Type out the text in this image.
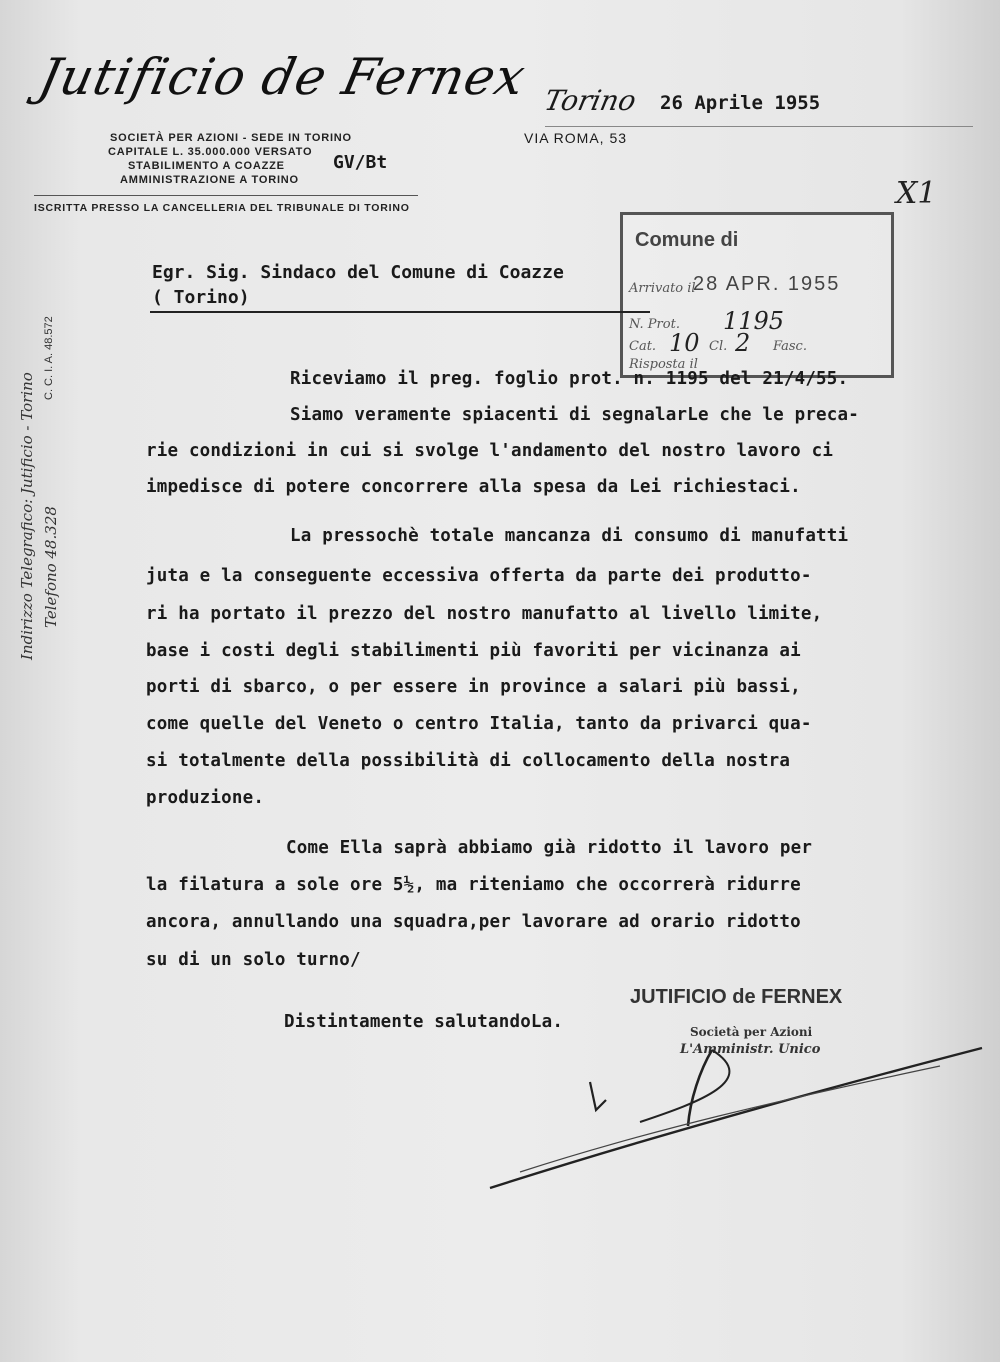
Jutificio de Fernex
SOCIETÀ PER AZIONI - SEDE IN TORINO
CAPITALE L. 35.000.000 VERSATO
STABILIMENTO A COAZZE
AMMINISTRAZIONE A TORINO
GV/Bt
ISCRITTA PRESSO LA CANCELLERIA DEL TRIBUNALE DI TORINO
Torino 26 Aprile 1955
VIA ROMA, 53
Indirizzo Telegrafico: Jutificio - Torino Telefono 48.328
C. C. I. A. 48.572
X1
Comune di
Arrivato il
28 APR. 1955
N. Prot. 1195
Cat. 10 Cl. 2 Fasc.
Risposta il
Egr. Sig. Sindaco del Comune di Coazze
( Torino)
Riceviamo il preg. foglio prot. n. 1195 del 21/4/55.
Siamo veramente spiacenti di segnalarLe che le preca-
rie condizioni in cui si svolge l'andamento del nostro lavoro ci
impedisce di potere concorrere alla spesa da Lei richiestaci.
La pressochè totale mancanza di consumo di manufatti
juta e la conseguente eccessiva offerta da parte dei produtto-
ri ha portato il prezzo del nostro manufatto al livello limite,
base i costi degli stabilimenti più favoriti per vicinanza ai
porti di sbarco, o per essere in province a salari più bassi,
come quelle del Veneto o centro Italia, tanto da privarci qua-
si totalmente della possibilità di collocamento della nostra
produzione.
Come Ella saprà abbiamo già ridotto il lavoro per
la filatura a sole ore 5½, ma riteniamo che occorrerà ridurre
ancora, annullando una squadra,per lavorare ad orario ridotto
su di un solo turno/
Distintamente salutandoLa.
JUTIFICIO de FERNEX
Società per Azioni
L'Amministr. Unico
